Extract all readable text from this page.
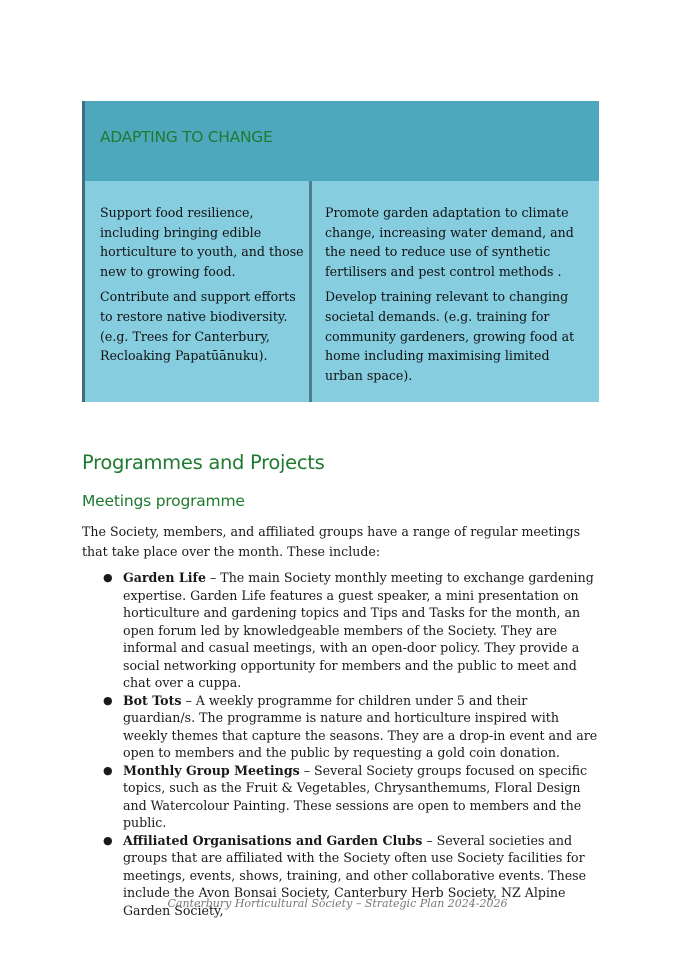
ADAPTING TO CHANGE

Support food resilience, including bringing edible horticulture to youth, and those new to growing food.

Contribute and support efforts to restore native biodiversity. (e.g. Trees for Canterbury, Recloaking Papatūānuku).

Promote garden adaptation to climate change, increasing water demand, and the need to reduce use of synthetic fertilisers and pest control methods .

Develop training relevant to changing societal demands. (e.g. training for community gardeners, growing food at home including maximising limited urban space).

Programmes and Projects
Meetings programme

The Society, members, and affiliated groups have a range of regular meetings that take place over the month. These include:

● Garden Life – The main Society monthly meeting to exchange gardening expertise. Garden Life features a guest speaker, a mini presentation on horticulture and gardening topics and Tips and Tasks for the month, an open forum led by knowledgeable members of the Society. They are informal and casual meetings, with an open-door policy. They provide a social networking opportunity for members and the public to meet and chat over a cuppa.
● Bot Tots – A weekly programme for children under 5 and their guardian/s. The programme is nature and horticulture inspired with weekly themes that capture the seasons. They are a drop-in event and are open to members and the public by requesting a gold coin donation.
● Monthly Group Meetings – Several Society groups focused on specific topics, such as the Fruit & Vegetables, Chrysanthemums, Floral Design and Watercolour Painting. These sessions are open to members and the public.
● Affiliated Organisations and Garden Clubs – Several societies and groups that are affiliated with the Society often use Society facilities for meetings, events, shows, training, and other collaborative events. These include the Avon Bonsai Society, Canterbury Herb Society, NZ Alpine Garden Society,

Canterbury Horticultural Society – Strategic Plan 2024-2026
